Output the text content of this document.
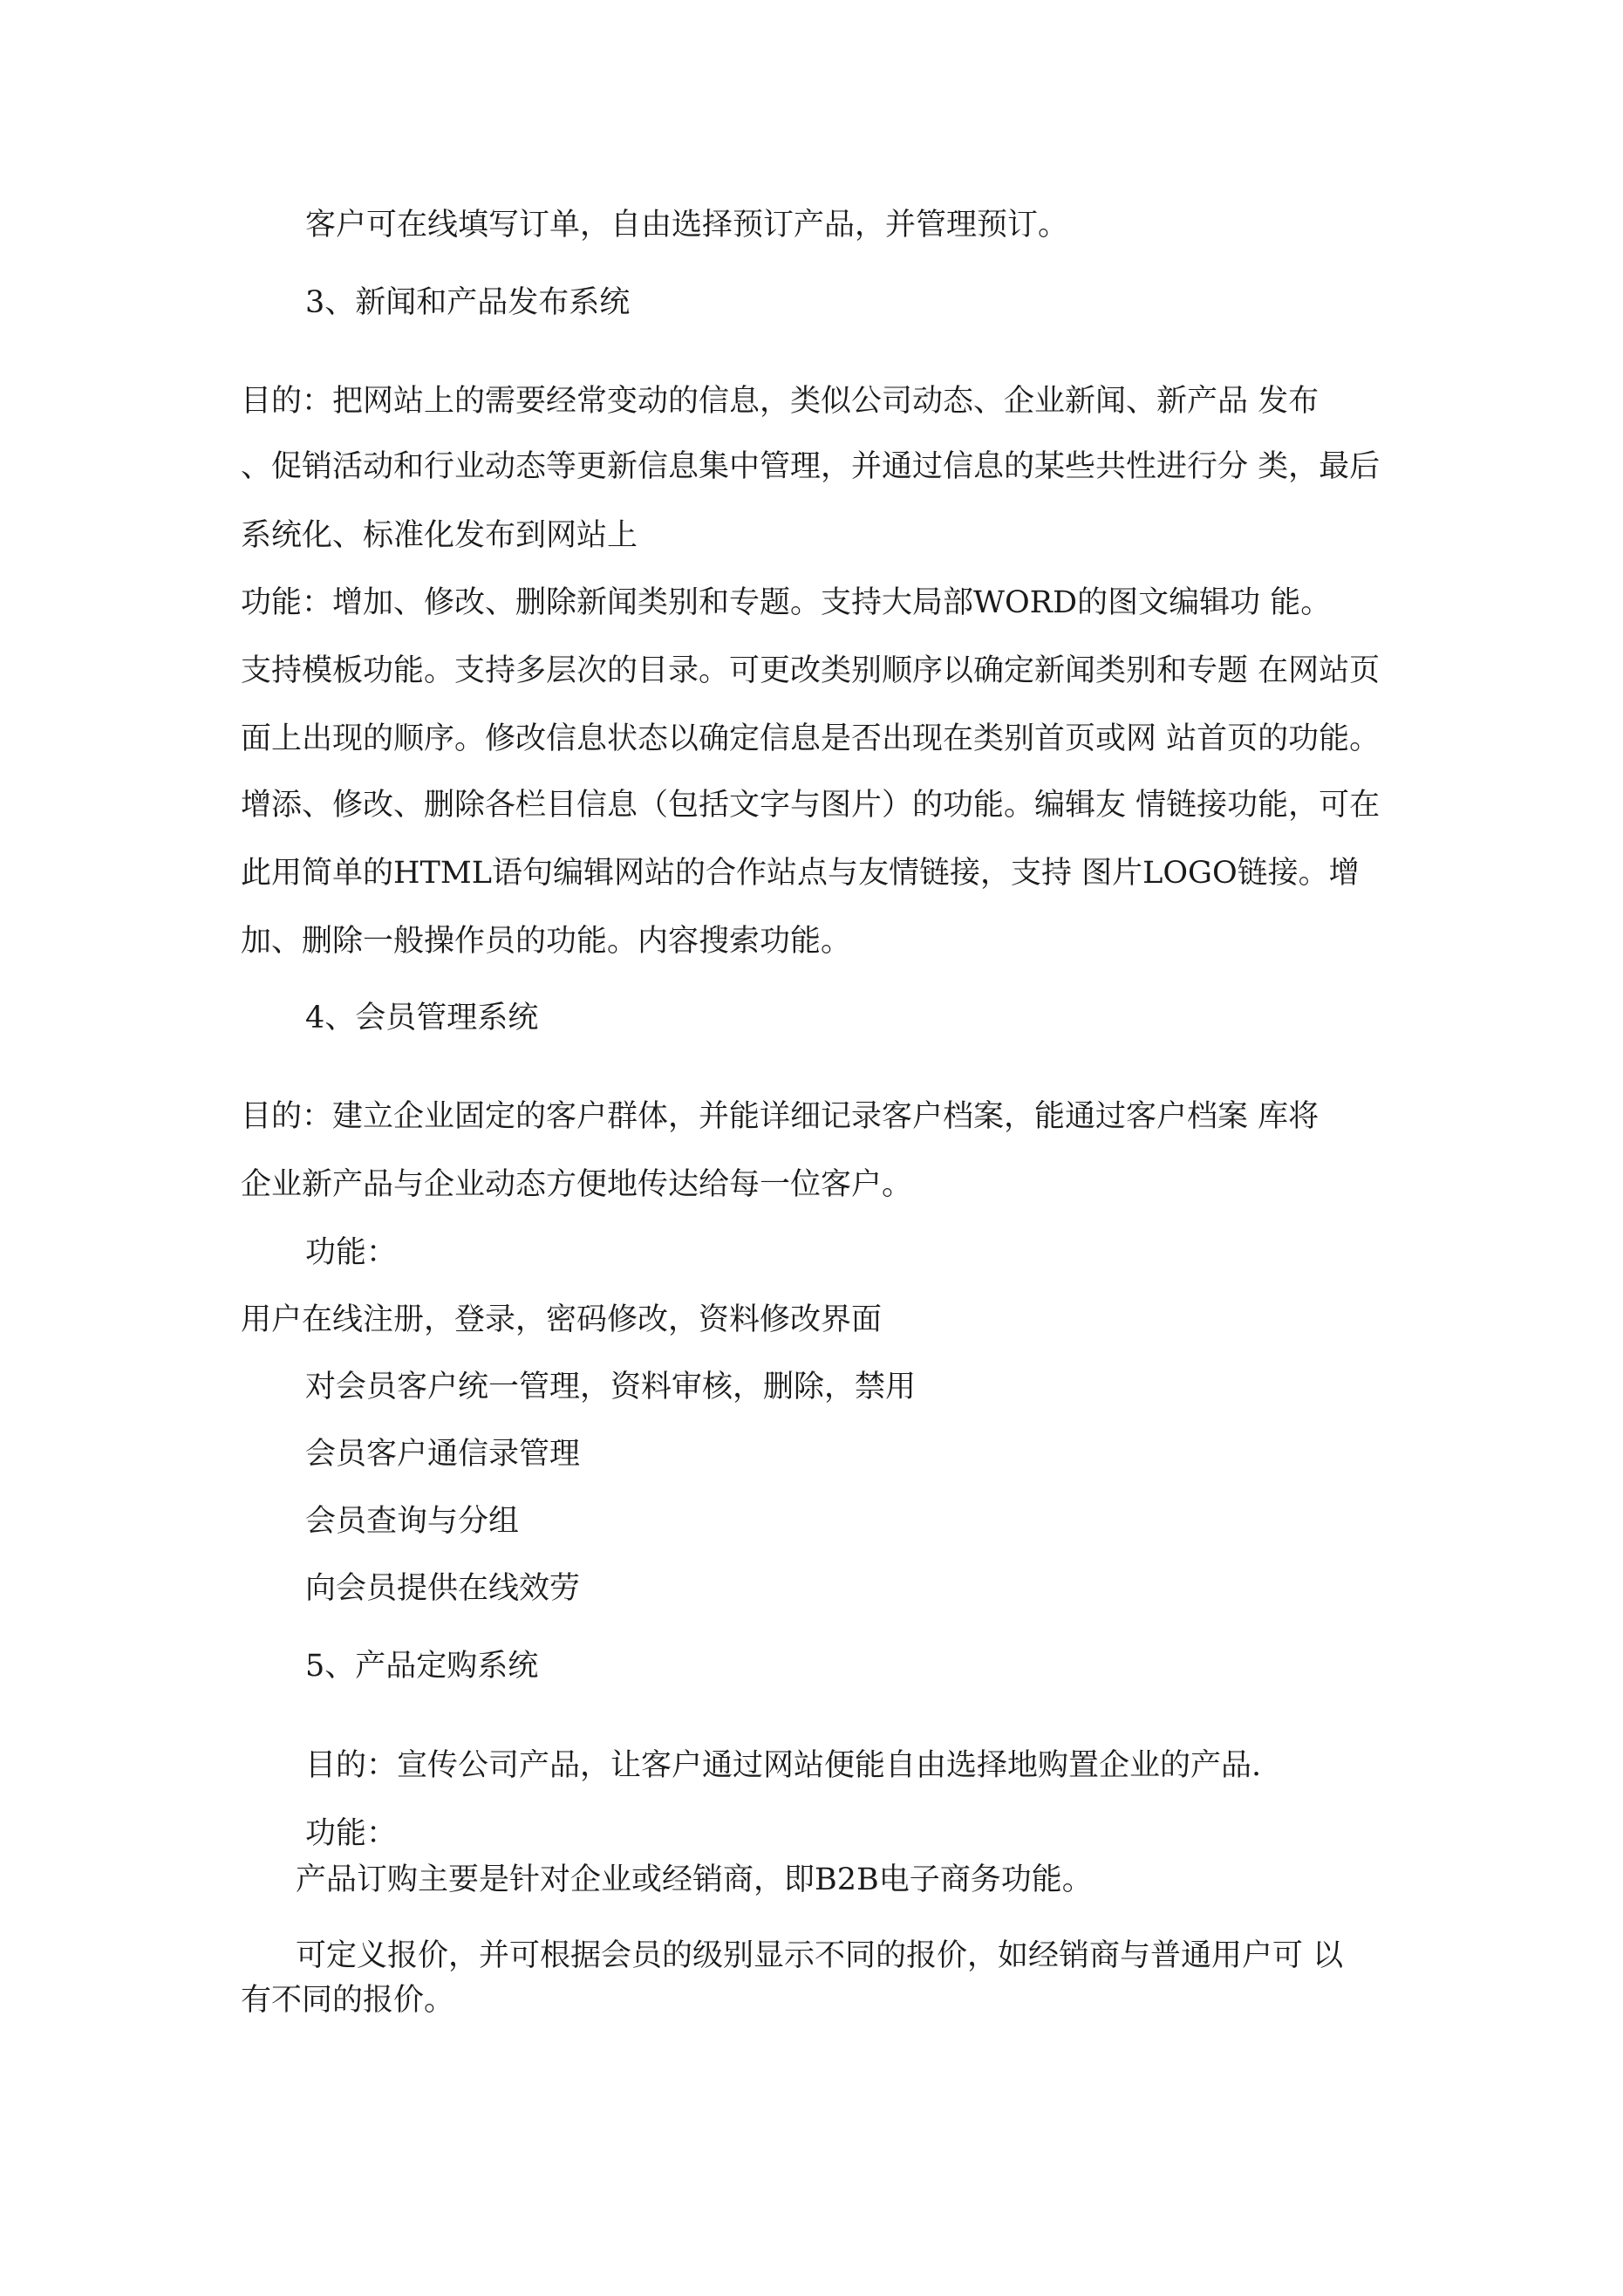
客户可在线填写订单，自由选择预订产品，并管理预订。

3、新闻和产品发布系统

目的：把网站上的需要经常变动的信息，类似公司动态、企业新闻、新产品 发布

、促销活动和行业动态等更新信息集中管理，并通过信息的某些共性进行分 类，最后

系统化、标准化发布到网站上

功能：增加、修改、删除新闻类别和专题。支持大局部WORD的图文编辑功 能。

支持模板功能。支持多层次的目录。可更改类别顺序以确定新闻类别和专题 在网站页

面上出现的顺序。修改信息状态以确定信息是否出现在类别首页或网 站首页的功能。

增添、修改、删除各栏目信息（包括文字与图片）的功能。编辑友 情链接功能，可在

此用简单的HTML语句编辑网站的合作站点与友情链接，支持 图片LOGO链接。增

加、删除一般操作员的功能。内容搜索功能。

4、会员管理系统

目的：建立企业固定的客户群体，并能详细记录客户档案，能通过客户档案 库将

企业新产品与企业动态方便地传达给每一位客户。

功能：

用户在线注册，登录，密码修改，资料修改界面

对会员客户统一管理，资料审核，删除，禁用

会员客户通信录管理

会员查询与分组

向会员提供在线效劳

5、产品定购系统

目的：宣传公司产品，让客户通过网站便能自由选择地购置企业的产品.

功能：

产品订购主要是针对企业或经销商，即B2B电子商务功能。

可定义报价，并可根据会员的级别显示不同的报价，如经销商与普通用户可 以

有不同的报价。
